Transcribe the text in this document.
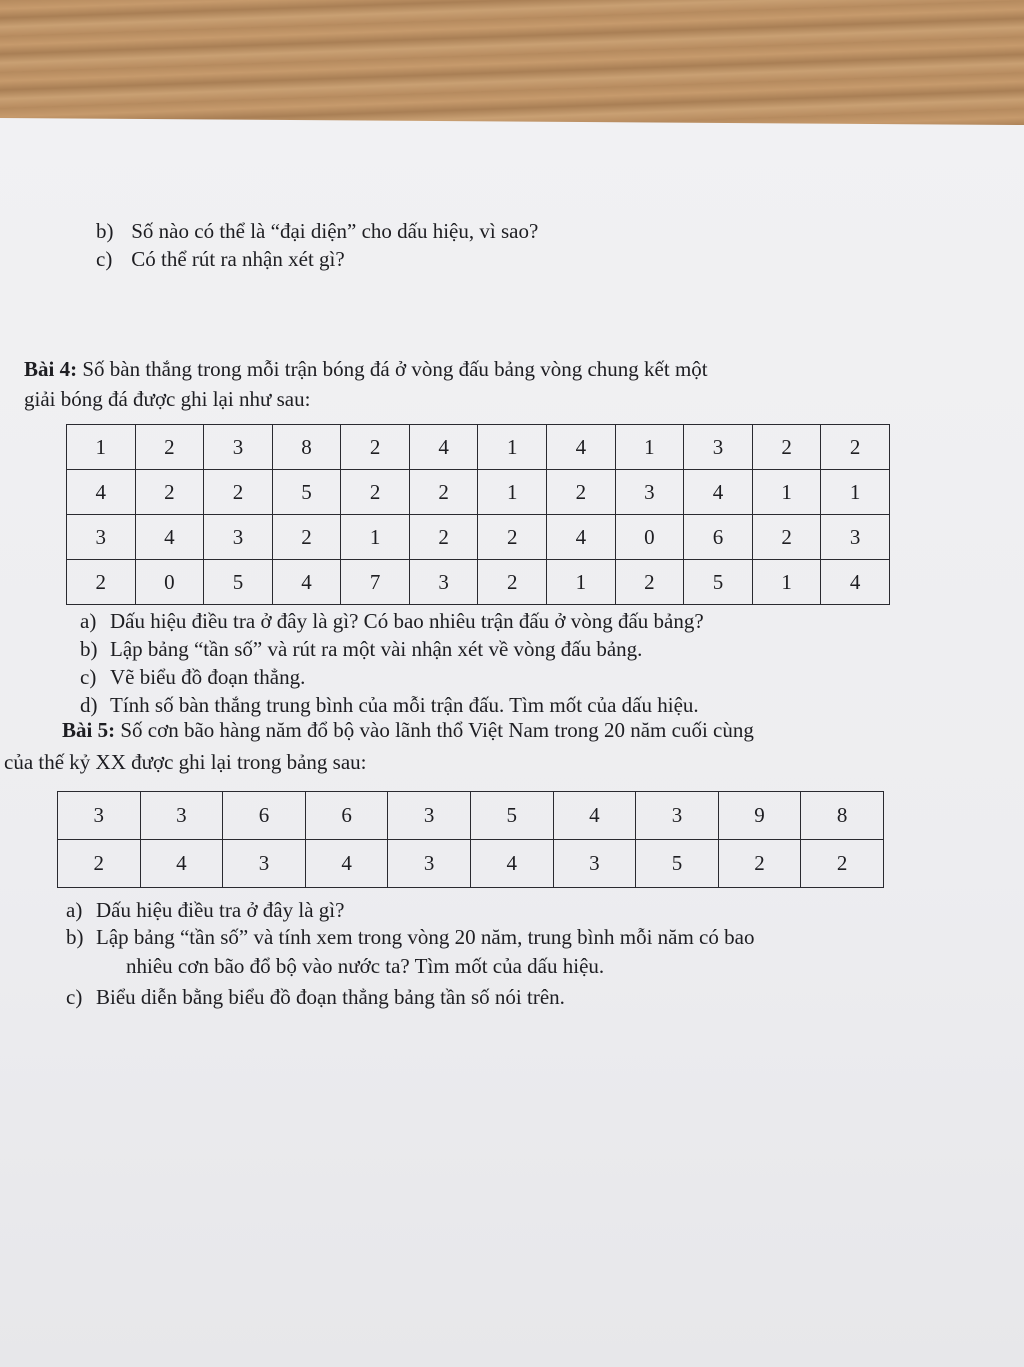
b) Số nào có thể là “đại diện” cho dấu hiệu, vì sao?
c) Có thể rút ra nhận xét gì?
Bài 4: Số bàn thắng trong mỗi trận bóng đá ở vòng đấu bảng vòng chung kết một
giải bóng đá được ghi lại như sau:
1	2	3	8	2	4	1	4	1	3	2	2
4	2	2	5	2	2	1	2	3	4	1	1
3	4	3	2	1	2	2	4	0	6	2	3
2	0	5	4	7	3	2	1	2	5	1	4
a) Dấu hiệu điều tra ở đây là gì? Có bao nhiêu trận đấu ở vòng đấu bảng?
b) Lập bảng “tần số” và rút ra một vài nhận xét về vòng đấu bảng.
c) Vẽ biểu đồ đoạn thẳng.
d) Tính số bàn thắng trung bình của mỗi trận đấu. Tìm mốt của dấu hiệu.
Bài 5: Số cơn bão hàng năm đổ bộ vào lãnh thổ Việt Nam trong 20 năm cuối cùng
của thế kỷ XX được ghi lại trong bảng sau:
3	3	6	6	3	5	4	3	9	8
2	4	3	4	3	4	3	5	2	2
a) Dấu hiệu điều tra ở đây là gì?
b) Lập bảng “tần số” và tính xem trong vòng 20 năm, trung bình mỗi năm có bao
nhiêu cơn bão đổ bộ vào nước ta? Tìm mốt của dấu hiệu.
c) Biểu diễn bằng biểu đồ đoạn thẳng bảng tần số nói trên.
